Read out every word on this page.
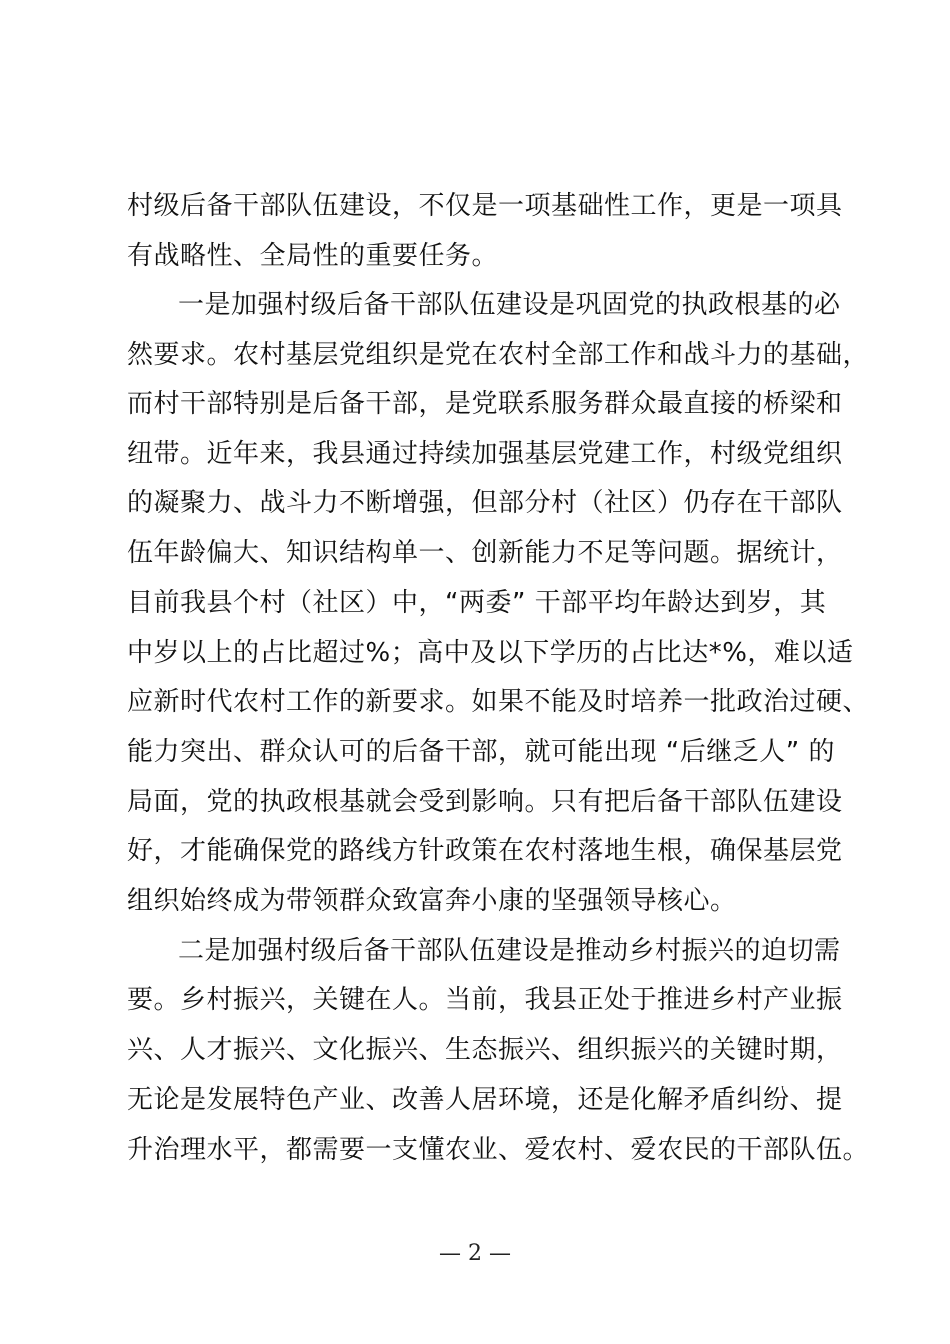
村级后备干部队伍建设，不仅是一项基础性工作，更是一项具
有战略性、全局性的重要任务。
一是加强村级后备干部队伍建设是巩固党的执政根基的必
然要求。农村基层党组织是党在农村全部工作和战斗力的基础，
而村干部特别是后备干部，是党联系服务群众最直接的桥梁和
纽带。近年来，我县通过持续加强基层党建工作，村级党组织
的凝聚力、战斗力不断增强，但部分村（社区）仍存在干部队
伍年龄偏大、知识结构单一、创新能力不足等问题。据统计，
目前我县个村（社区）中，“两委” 干部平均年龄达到岁，其
中岁以上的占比超过%；高中及以下学历的占比达*%，难以适
应新时代农村工作的新要求。如果不能及时培养一批政治过硬、
能力突出、群众认可的后备干部，就可能出现 “后继乏人” 的
局面，党的执政根基就会受到影响。只有把后备干部队伍建设
好，才能确保党的路线方针政策在农村落地生根，确保基层党
组织始终成为带领群众致富奔小康的坚强领导核心。
二是加强村级后备干部队伍建设是推动乡村振兴的迫切需
要。乡村振兴，关键在人。当前，我县正处于推进乡村产业振
兴、人才振兴、文化振兴、生态振兴、组织振兴的关键时期，
无论是发展特色产业、改善人居环境，还是化解矛盾纠纷、提
升治理水平，都需要一支懂农业、爱农村、爱农民的干部队伍。
— 2 —
